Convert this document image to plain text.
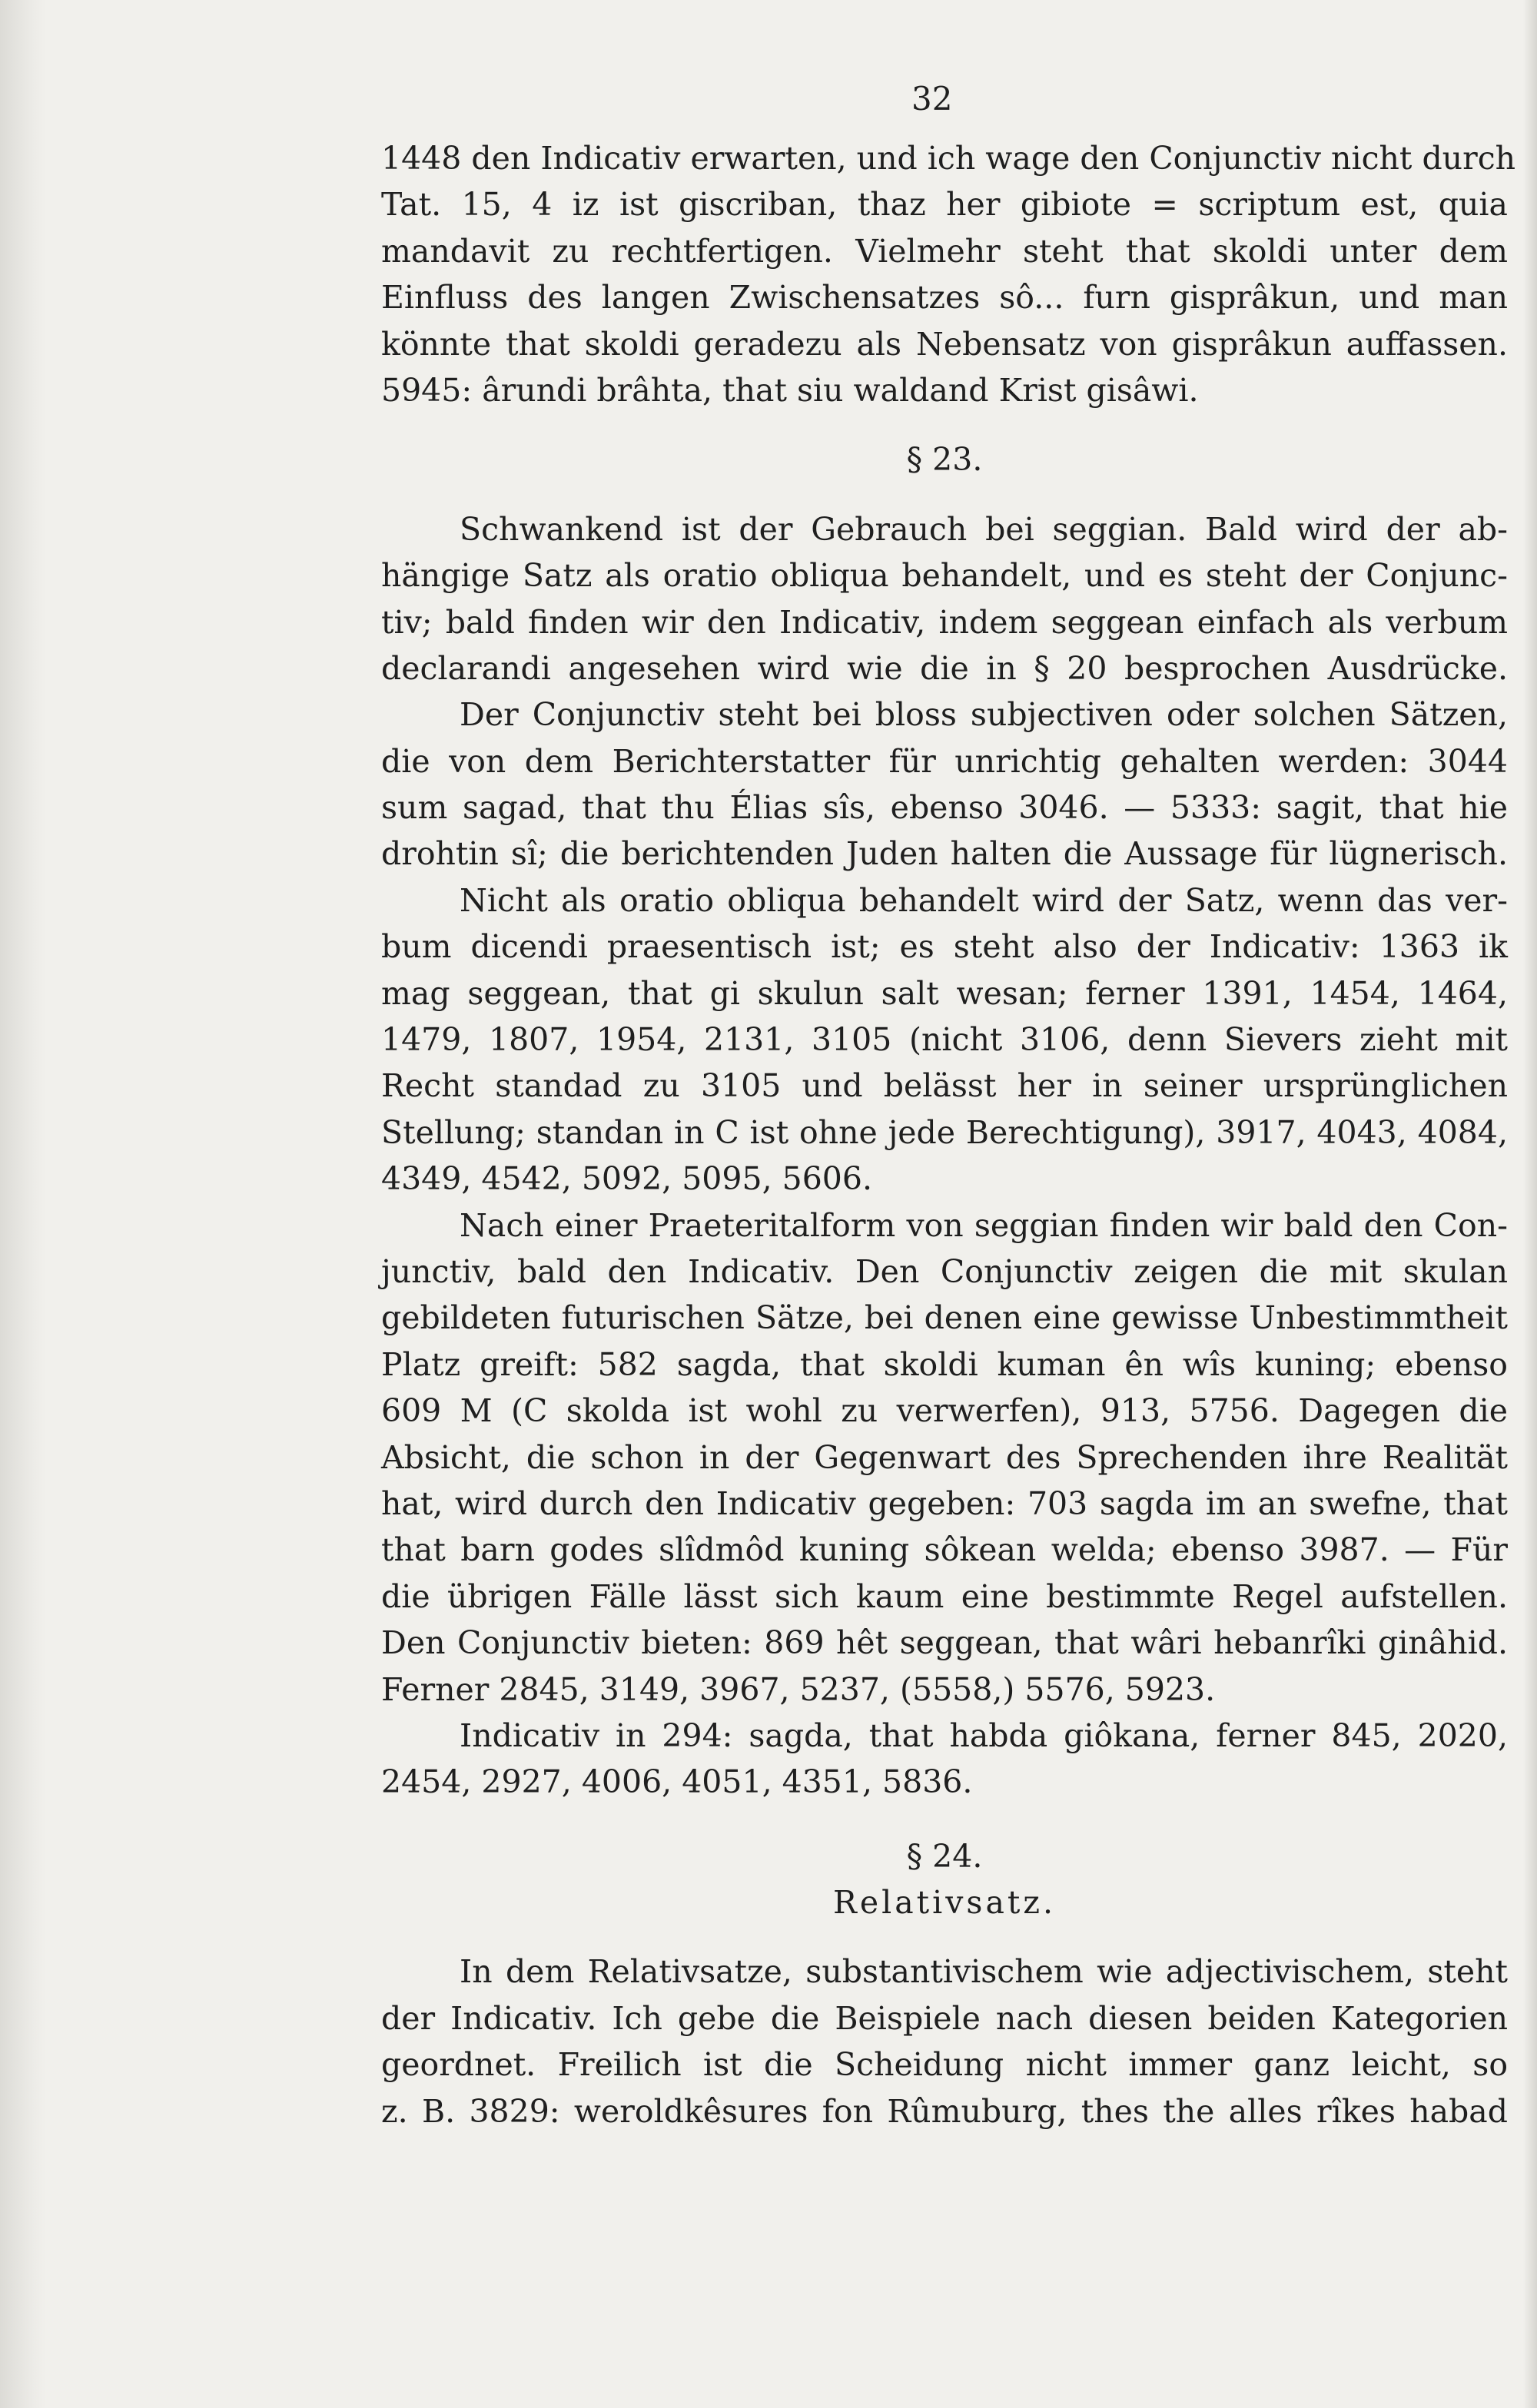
32
1448 den Indicativ erwarten, und ich wage den Conjunctiv nicht durch
Tat. 15, 4 iz ist giscriban, thaz her gibiote = scriptum est, quia
mandavit zu rechtfertigen. Vielmehr steht that skoldi unter dem
Einfluss des langen Zwischensatzes sô... furn gisprâkun, und man
könnte that skoldi geradezu als Nebensatz von gisprâkun auffassen.
5945: ârundi brâhta, that siu waldand Krist gisâwi.
§ 23.
Schwankend ist der Gebrauch bei seggian. Bald wird der ab-
hängige Satz als oratio obliqua behandelt, und es steht der Conjunc-
tiv; bald finden wir den Indicativ, indem seggean einfach als verbum
declarandi angesehen wird wie die in § 20 besprochen Ausdrücke.
Der Conjunctiv steht bei bloss subjectiven oder solchen Sätzen,
die von dem Berichterstatter für unrichtig gehalten werden: 3044
sum sagad, that thu Élias sîs, ebenso 3046. — 5333: sagit, that hie
drohtin sî; die berichtenden Juden halten die Aussage für lügnerisch.
Nicht als oratio obliqua behandelt wird der Satz, wenn das ver-
bum dicendi praesentisch ist; es steht also der Indicativ: 1363 ik
mag seggean, that gi skulun salt wesan; ferner 1391, 1454, 1464,
1479, 1807, 1954, 2131, 3105 (nicht 3106, denn Sievers zieht mit
Recht standad zu 3105 und belässt her in seiner ursprünglichen
Stellung; standan in C ist ohne jede Berechtigung), 3917, 4043, 4084,
4349, 4542, 5092, 5095, 5606.
Nach einer Praeteritalform von seggian finden wir bald den Con-
junctiv, bald den Indicativ. Den Conjunctiv zeigen die mit skulan
gebildeten futurischen Sätze, bei denen eine gewisse Unbestimmtheit
Platz greift: 582 sagda, that skoldi kuman ên wîs kuning; ebenso
609 M (C skolda ist wohl zu verwerfen), 913, 5756. Dagegen die
Absicht, die schon in der Gegenwart des Sprechenden ihre Realität
hat, wird durch den Indicativ gegeben: 703 sagda im an swefne, that
that barn godes slîdmôd kuning sôkean welda; ebenso 3987. — Für
die übrigen Fälle lässt sich kaum eine bestimmte Regel aufstellen.
Den Conjunctiv bieten: 869 hêt seggean, that wâri hebanrîki ginâhid.
Ferner 2845, 3149, 3967, 5237, (5558,) 5576, 5923.
Indicativ in 294: sagda, that habda giôkana, ferner 845, 2020,
2454, 2927, 4006, 4051, 4351, 5836.
§ 24.
Relativsatz.
In dem Relativsatze, substantivischem wie adjectivischem, steht
der Indicativ. Ich gebe die Beispiele nach diesen beiden Kategorien
geordnet. Freilich ist die Scheidung nicht immer ganz leicht, so
z. B. 3829: weroldkêsures fon Rûmuburg, thes the alles rîkes habad
